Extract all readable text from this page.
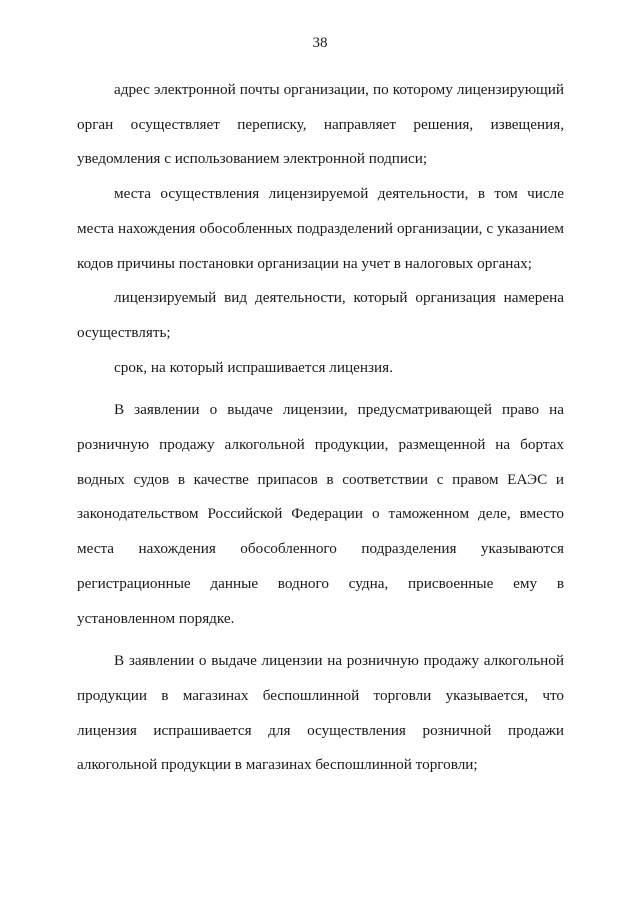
38

адрес электронной почты организации, по которому лицензирующий орган осуществляет переписку, направляет решения, извещения, уведомления с использованием электронной подписи;

места осуществления лицензируемой деятельности, в том числе места нахождения обособленных подразделений организации, с указанием кодов причины постановки организации на учет в налоговых органах;

лицензируемый вид деятельности, который организация намерена осуществлять;

срок, на который испрашивается лицензия.

В заявлении о выдаче лицензии, предусматривающей право на розничную продажу алкогольной продукции, размещенной на бортах водных судов в качестве припасов в соответствии с правом ЕАЭС и законодательством Российской Федерации о таможенном деле, вместо места нахождения обособленного подразделения указываются регистрационные данные водного судна, присвоенные ему в установленном порядке.

В заявлении о выдаче лицензии на розничную продажу алкогольной продукции в магазинах беспошлинной торговли указывается, что лицензия испрашивается для осуществления розничной продажи алкогольной продукции в магазинах беспошлинной торговли;
